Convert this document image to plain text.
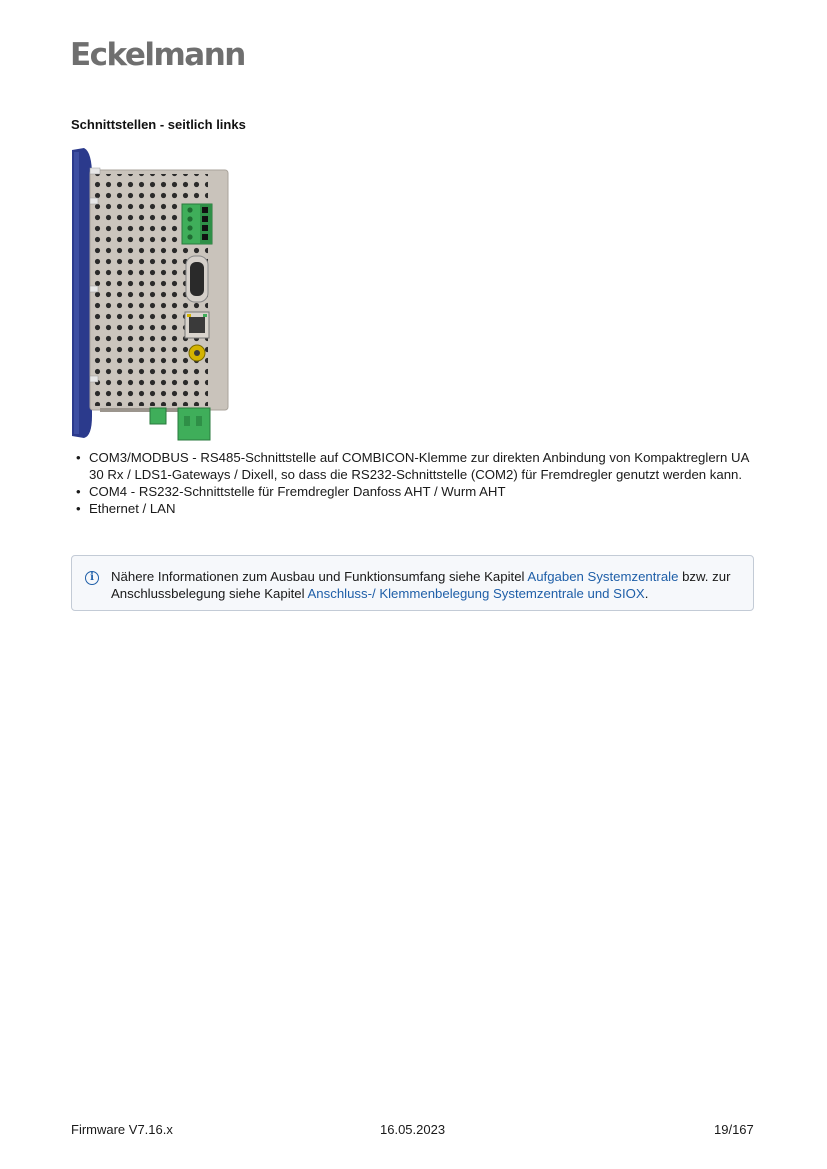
Eckelmann
Schnittstellen - seitlich links
• COM3/MODBUS - RS485-Schnittstelle auf COMBICON-Klemme zur direkten Anbindung von Kompaktreglern UA 30 Rx / LDS1-Gateways / Dixell, so dass die RS232-Schnittstelle (COM2) für Fremdregler genutzt werden kann.
• COM4 - RS232-Schnittstelle für Fremdregler Danfoss AHT / Wurm AHT
• Ethernet / LAN
i	Nähere Informationen zum Ausbau und Funktionsumfang siehe Kapitel Aufgaben Systemzentrale bzw. zur Anschlussbelegung siehe Kapitel Anschluss-/ Klemmenbelegung Systemzentrale und SIOX.
Firmware V7.16.x	16.05.2023	19/167
